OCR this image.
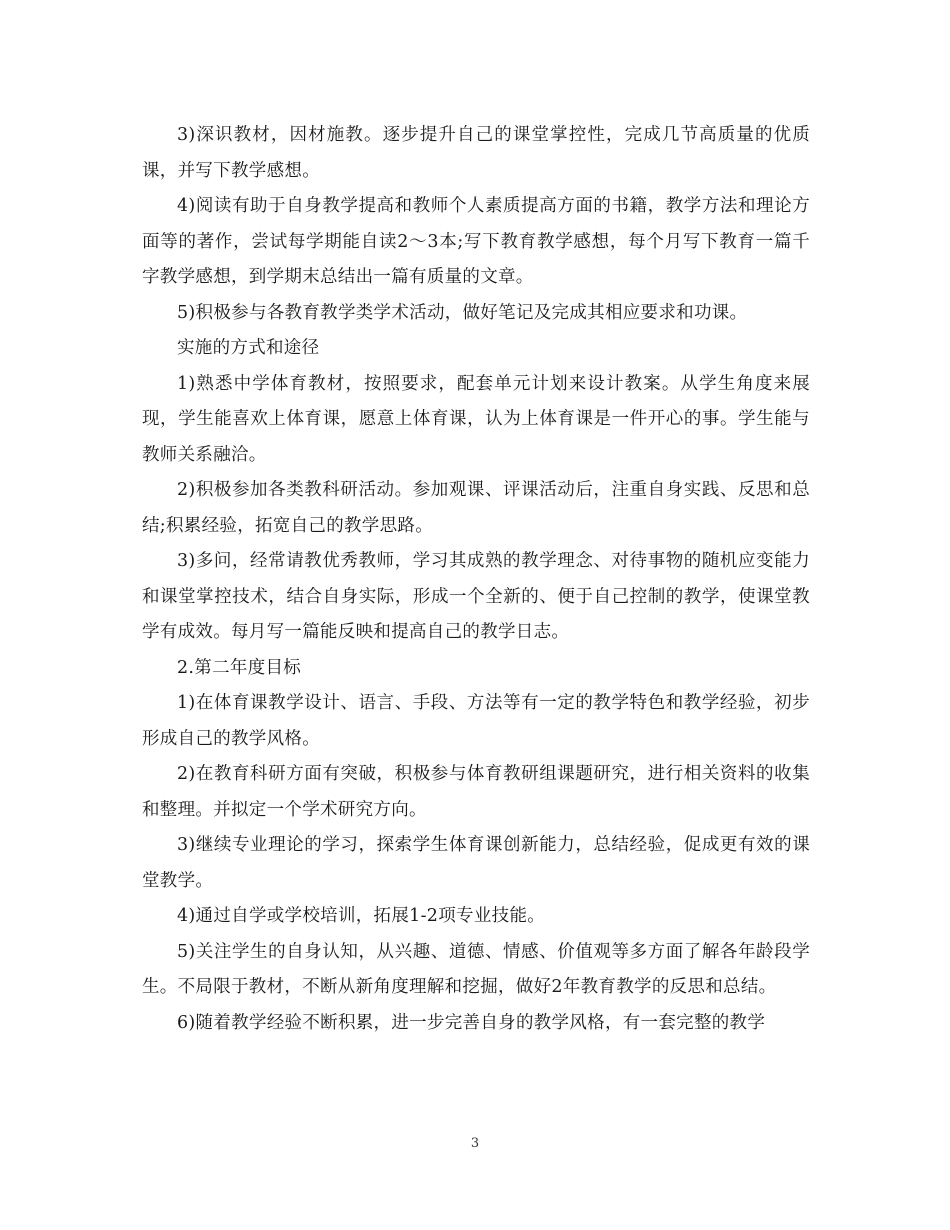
3)深识教材，因材施教。逐步提升自己的课堂掌控性，完成几节高质量的优质课，并写下教学感想。

4)阅读有助于自身教学提高和教师个人素质提高方面的书籍，教学方法和理论方面等的著作，尝试每学期能自读2～3本;写下教育教学感想，每个月写下教育一篇千字教学感想，到学期末总结出一篇有质量的文章。

5)积极参与各教育教学类学术活动，做好笔记及完成其相应要求和功课。

实施的方式和途径

1)熟悉中学体育教材，按照要求，配套单元计划来设计教案。从学生角度来展现，学生能喜欢上体育课，愿意上体育课，认为上体育课是一件开心的事。学生能与教师关系融洽。

2)积极参加各类教科研活动。参加观课、评课活动后，注重自身实践、反思和总结;积累经验，拓宽自己的教学思路。

3)多问，经常请教优秀教师，学习其成熟的教学理念、对待事物的随机应变能力和课堂掌控技术，结合自身实际，形成一个全新的、便于自己控制的教学，使课堂教学有成效。每月写一篇能反映和提高自己的教学日志。

2.第二年度目标

1)在体育课教学设计、语言、手段、方法等有一定的教学特色和教学经验，初步形成自己的教学风格。

2)在教育科研方面有突破，积极参与体育教研组课题研究，进行相关资料的收集和整理。并拟定一个学术研究方向。

3)继续专业理论的学习，探索学生体育课创新能力，总结经验，促成更有效的课堂教学。

4)通过自学或学校培训，拓展1-2项专业技能。

5)关注学生的自身认知，从兴趣、道德、情感、价值观等多方面了解各年龄段学生。不局限于教材，不断从新角度理解和挖掘，做好2年教育教学的反思和总结。

6)随着教学经验不断积累，进一步完善自身的教学风格，有一套完整的教学

3
